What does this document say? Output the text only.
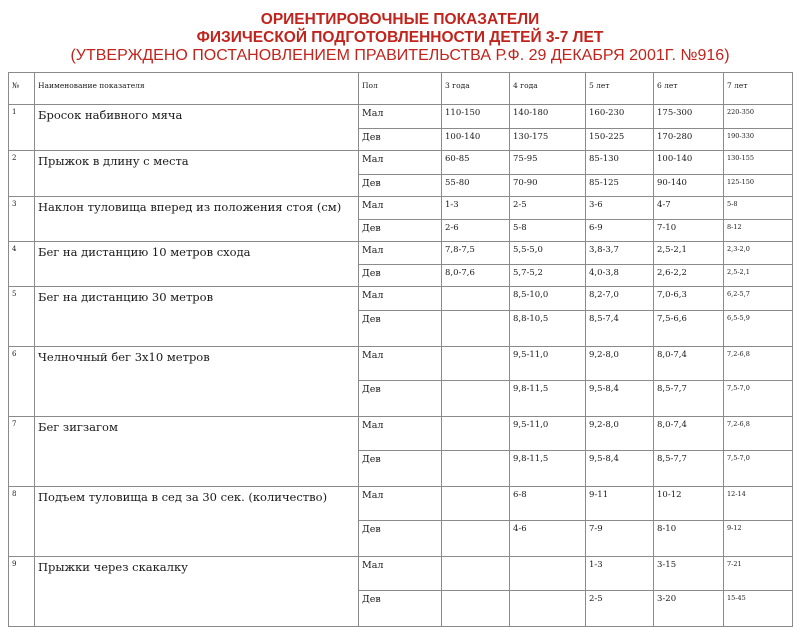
ОРИЕНТИРОВОЧНЫЕ ПОКАЗАТЕЛИ
ФИЗИЧЕСКОЙ ПОДГОТОВЛЕННОСТИ ДЕТЕЙ 3-7 ЛЕТ
(УТВЕРЖДЕНО ПОСТАНОВЛЕНИЕМ ПРАВИТЕЛЬСТВА Р.Ф. 29 ДЕКАБРЯ 2001Г. №916)
№	Наименование показателя	Пол	3 года	4 года	5 лет	6 лет	7 лет
1	Бросок набивного мяча	Мал	110-150	140-180	160-230	175-300	220-350
		Дев	100-140	130-175	150-225	170-280	190-330
2	Прыжок в длину с места	Мал	60-85	75-95	85-130	100-140	130-155
		Дев	55-80	70-90	85-125	90-140	125-150
3	Наклон туловища вперед из положения стоя (см)	Мал	1-3	2-5	3-6	4-7	5-8
		Дев	2-6	5-8	6-9	7-10	8-12
4	Бег на дистанцию 10 метров схода	Мал	7,8-7,5	5,5-5,0	3,8-3,7	2,5-2,1	2,3-2,0
		Дев	8,0-7,6	5,7-5,2	4,0-3,8	2,6-2,2	2,5-2,1
5	Бег на дистанцию 30 метров	Мал		8,5-10,0	8,2-7,0	7,0-6,3	6,2-5,7
		Дев		8,8-10,5	8,5-7,4	7,5-6,6	6,5-5,9
6	Челночный бег 3х10 метров	Мал		9,5-11,0	9,2-8,0	8,0-7,4	7,2-6,8
		Дев		9,8-11,5	9,5-8,4	8,5-7,7	7,5-7,0
7	Бег зигзагом	Мал		9,5-11,0	9,2-8,0	8,0-7,4	7,2-6,8
		Дев		9,8-11,5	9,5-8,4	8,5-7,7	7,5-7,0
8	Подъем туловища в сед за 30 сек. (количество)	Мал		6-8	9-11	10-12	12-14
		Дев		4-6	7-9	8-10	9-12
9	Прыжки через скакалку	Мал			1-3	3-15	7-21
		Дев			2-5	3-20	15-45
